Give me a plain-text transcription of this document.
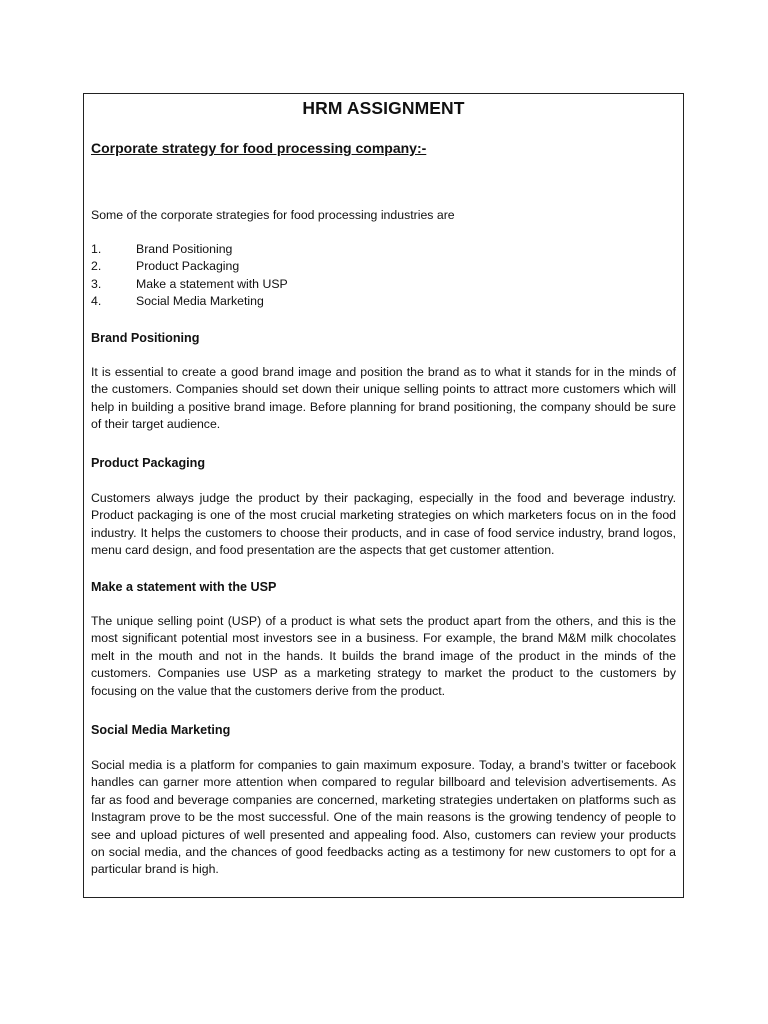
HRM ASSIGNMENT
Corporate strategy for food processing company:-
Some of the corporate strategies for food processing industries are
1.	Brand Positioning
2.	Product Packaging
3.	Make a statement with USP
4.	Social Media Marketing
Brand Positioning

It is essential to create a good brand image and position the brand as to what it stands for in the minds of the customers. Companies should set down their unique selling points to attract more customers which will help in building a positive brand image. Before planning for brand positioning, the company should be sure of their target audience.

Product Packaging

Customers always judge the product by their packaging, especially in the food and beverage industry. Product packaging is one of the most crucial marketing strategies on which marketers focus on in the food industry. It helps the customers to choose their products, and in case of food service industry, brand logos, menu card design, and food presentation are the aspects that get customer attention.

Make a statement with the USP

The unique selling point (USP) of a product is what sets the product apart from the others, and this is the most significant potential most investors see in a business. For example, the brand M&M milk chocolates melt in the mouth and not in the hands. It builds the brand image of the product in the minds of the customers. Companies use USP as a marketing strategy to market the product to the customers by focusing on the value that the customers derive from the product.

Social Media Marketing

Social media is a platform for companies to gain maximum exposure. Today, a brand’s twitter or facebook handles can garner more attention when compared to regular billboard and television advertisements. As far as food and beverage companies are concerned, marketing strategies undertaken on platforms such as Instagram prove to be the most successful. One of the main reasons is the growing tendency of people to see and upload pictures of well presented and appealing food. Also, customers can review your products on social media, and the chances of good feedbacks acting as a testimony for new customers to opt for a particular brand is high.
